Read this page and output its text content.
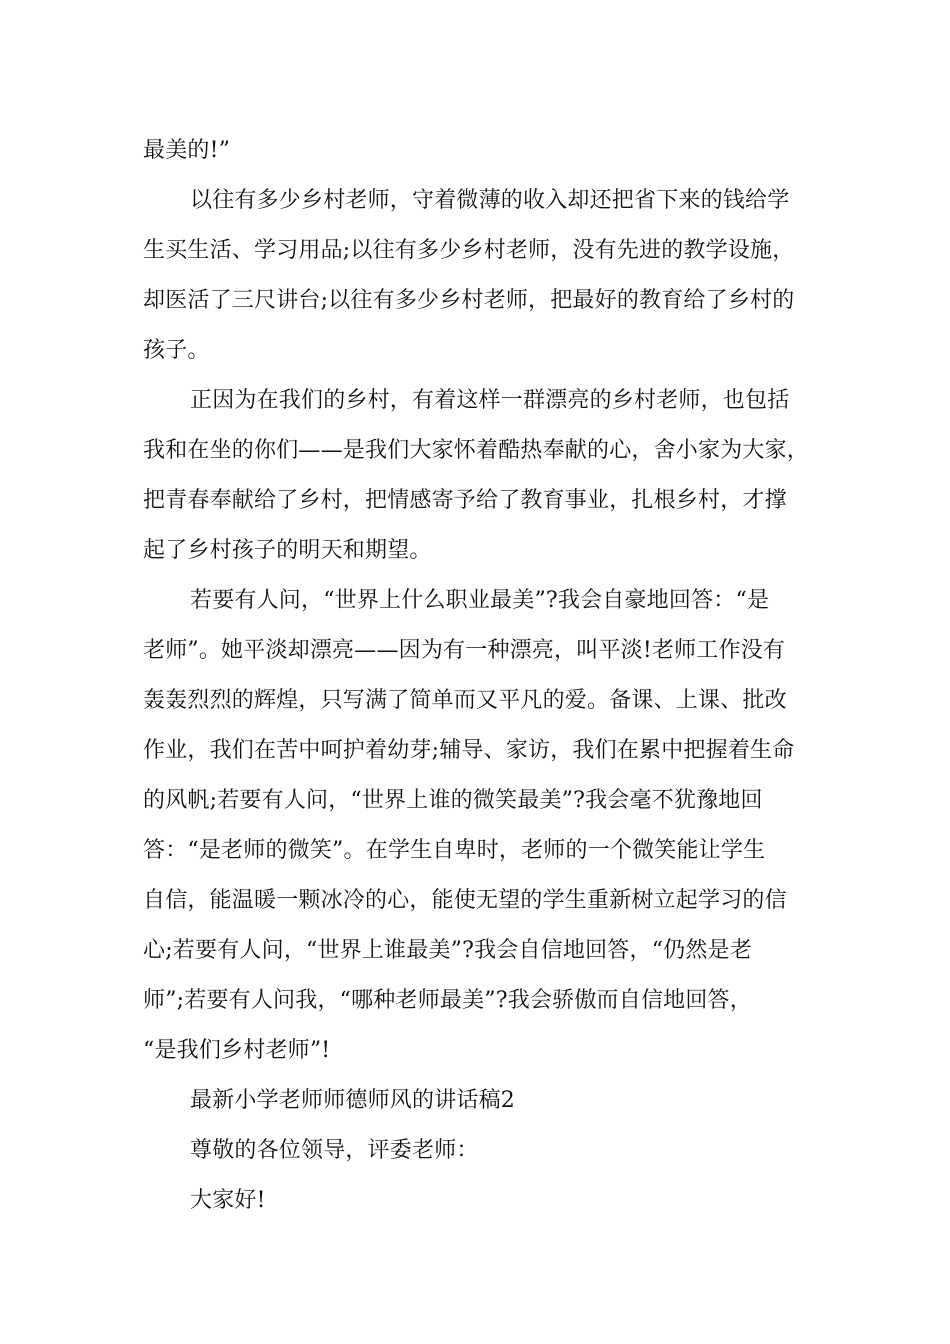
最美的!”
以往有多少乡村老师，守着微薄的收入却还把省下来的钱给学
生买生活、学习用品;以往有多少乡村老师，没有先进的教学设施，
却医活了三尺讲台;以往有多少乡村老师，把最好的教育给了乡村的
孩子。
正因为在我们的乡村，有着这样一群漂亮的乡村老师，也包括
我和在坐的你们——是我们大家怀着酷热奉献的心，舍小家为大家，
把青春奉献给了乡村，把情感寄予给了教育事业，扎根乡村，才撑
起了乡村孩子的明天和期望。
若要有人问，“世界上什么职业最美”?我会自豪地回答：“是
老师”。她平淡却漂亮——因为有一种漂亮，叫平淡!老师工作没有
轰轰烈烈的辉煌，只写满了简单而又平凡的爱。备课、上课、批改
作业，我们在苦中呵护着幼芽;辅导、家访，我们在累中把握着生命
的风帆;若要有人问，“世界上谁的微笑最美”?我会毫不犹豫地回
答：“是老师的微笑”。在学生自卑时，老师的一个微笑能让学生
自信，能温暖一颗冰冷的心，能使无望的学生重新树立起学习的信
心;若要有人问，“世界上谁最美”?我会自信地回答，“仍然是老
师”;若要有人问我，“哪种老师最美”?我会骄傲而自信地回答，
“是我们乡村老师”!
最新小学老师师德师风的讲话稿2
尊敬的各位领导，评委老师：
大家好!
